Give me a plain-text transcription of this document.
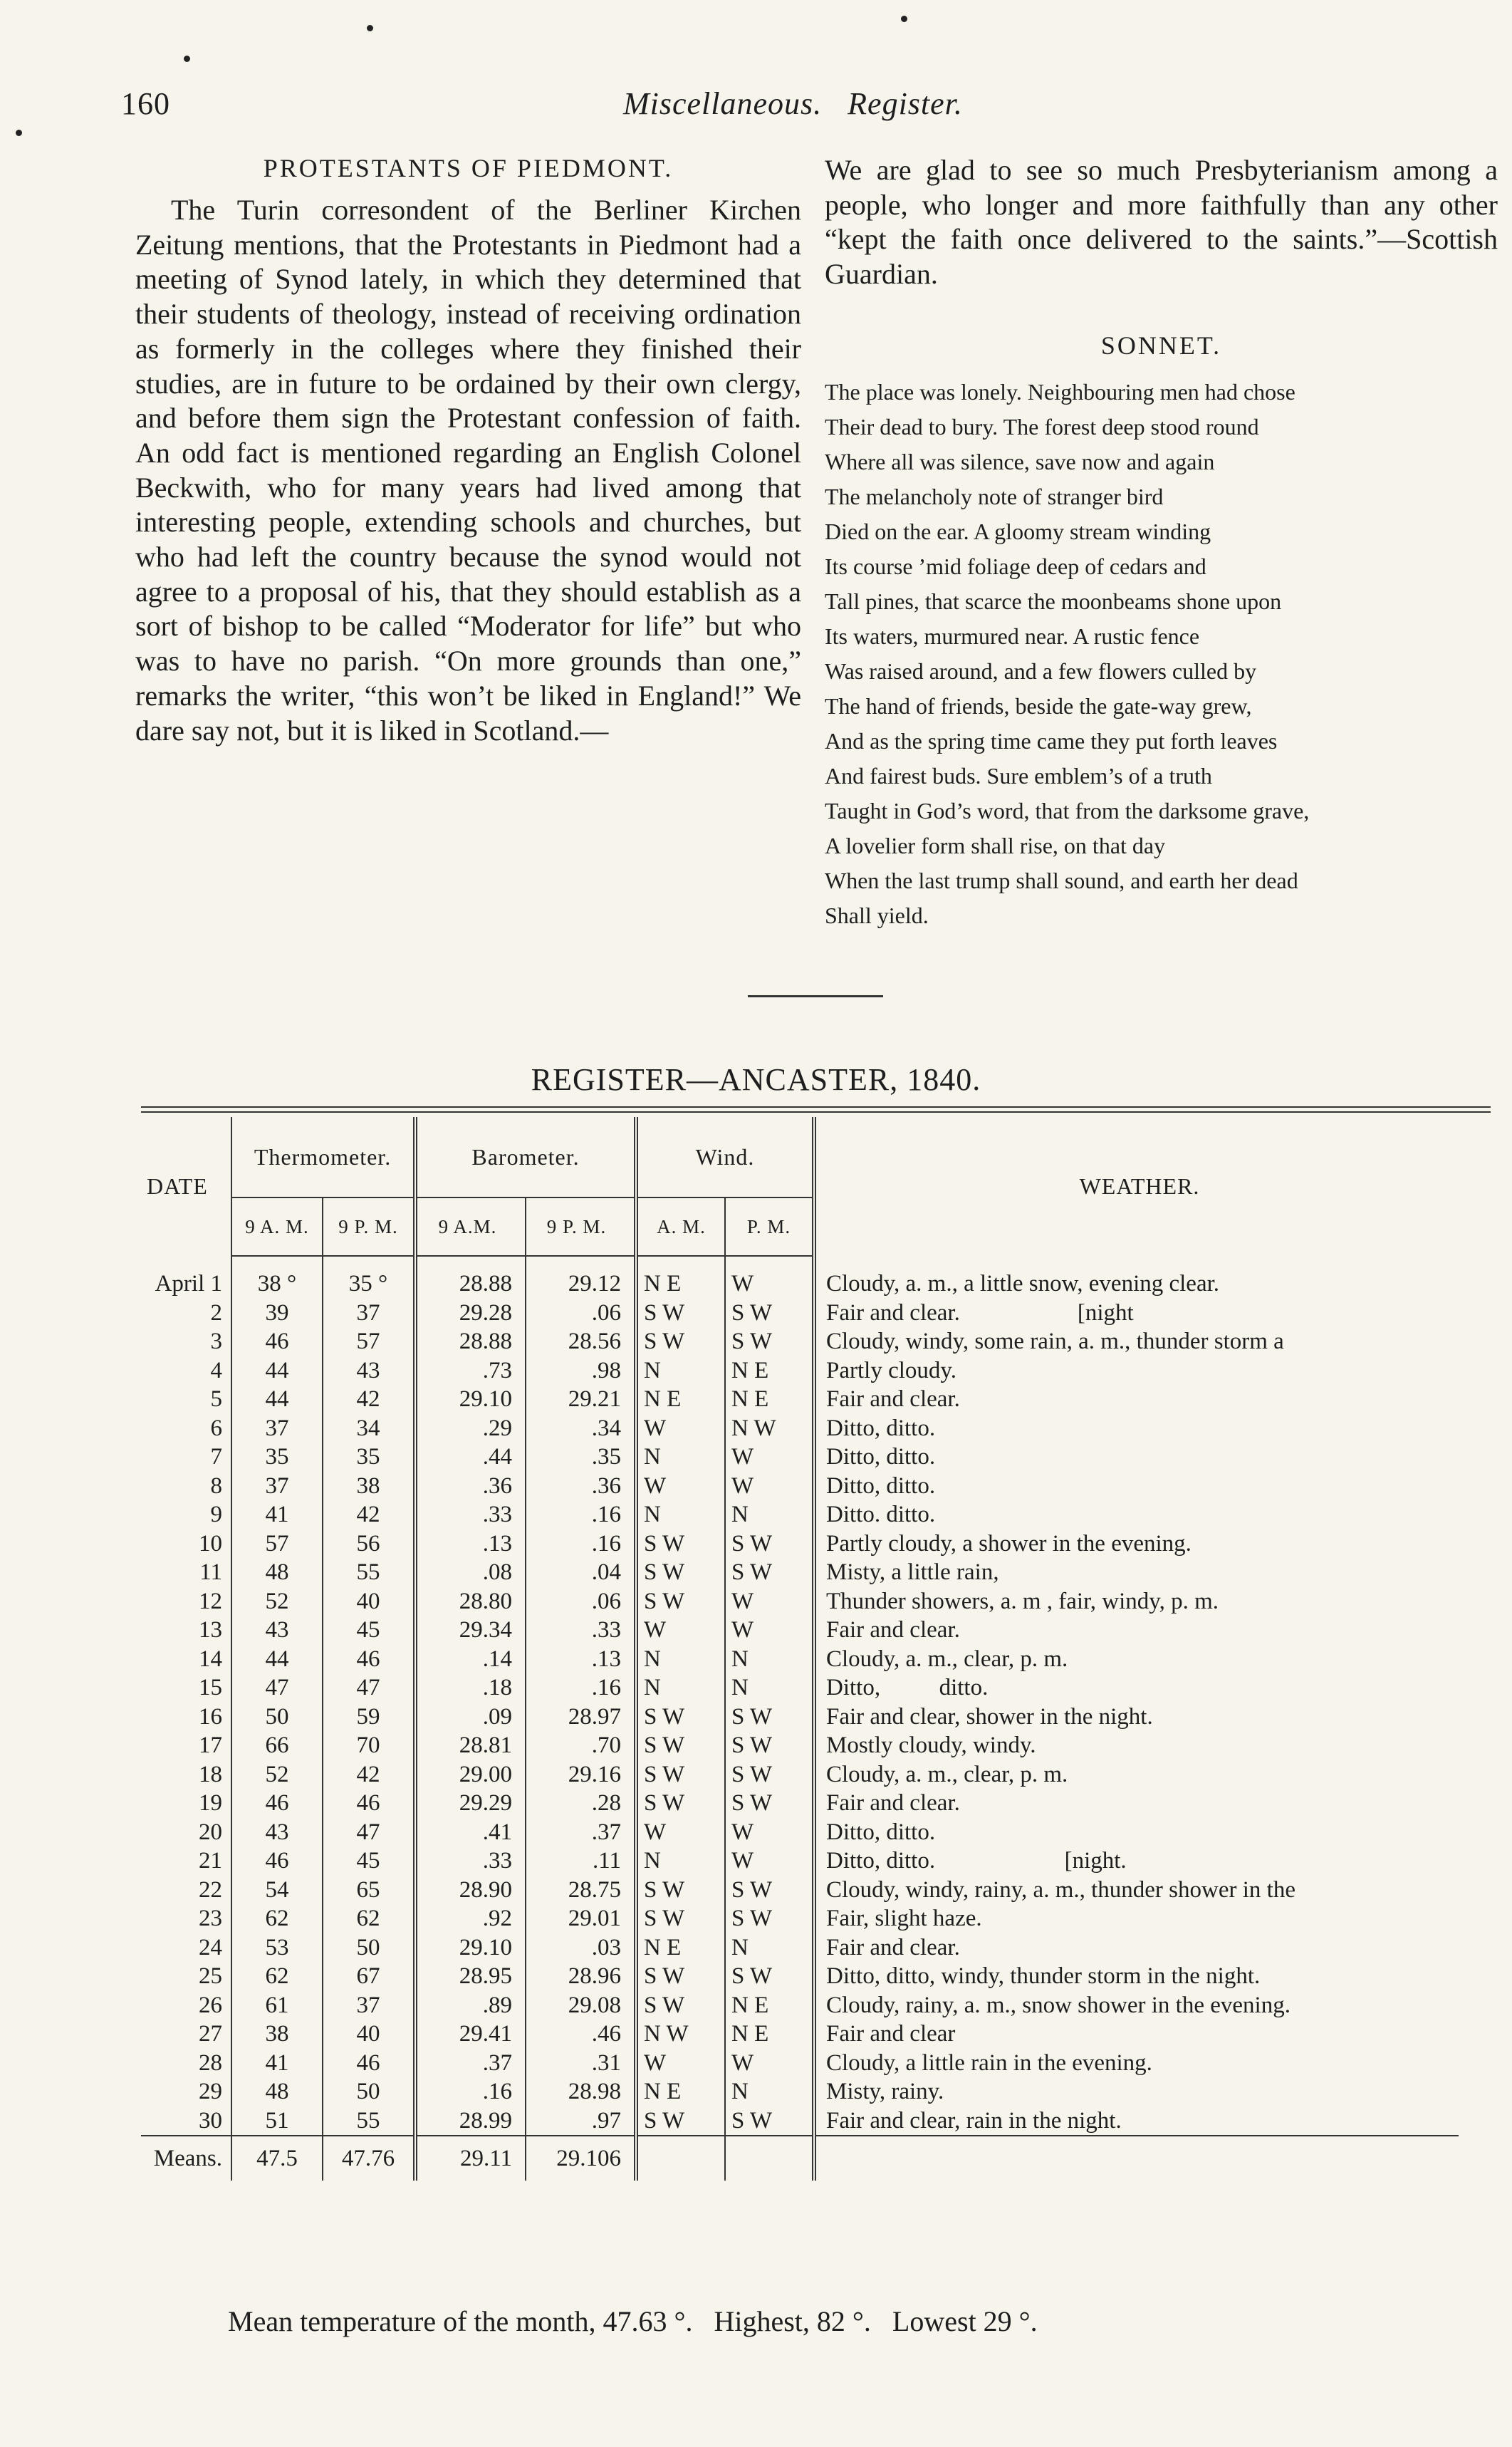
160	Miscellaneous. Register.
PROTESTANTS OF PIEDMONT.

The Turin corresondent of the Berliner Kirchen Zeitung mentions, that the Protestants in Piedmont had a meeting of Synod lately, in which they determined that their students of theology, instead of receiving ordination as formerly in the colleges where they finished their studies, are in future to be ordained by their own clergy, and before them sign the Protestant confession of faith. An odd fact is mentioned regarding an English Colonel Beckwith, who for many years had lived among that interesting people, extending schools and churches, but who had left the country because the synod would not agree to a proposal of his, that they should establish as a sort of bishop to be called “Moderator for life” but who was to have no parish. “On more grounds than one,” remarks the writer, “this won’t be liked in England!” We dare say not, but it is liked in Scotland.—

We are glad to see so much Presbyterianism among a people, who longer and more faithfully than any other “kept the faith once delivered to the saints.”—Scottish Guardian.

SONNET.
The place was lonely. Neighbouring men had chose
Their dead to bury. The forest deep stood round
Where all was silence, save now and again
The melancholy note of stranger bird
Died on the ear. A gloomy stream winding
Its course ’mid foliage deep of cedars and
Tall pines, that scarce the moonbeams shone upon
Its waters, murmured near. A rustic fence
Was raised around, and a few flowers culled by
The hand of friends, beside the gate-way grew,
And as the spring time came they put forth leaves
And fairest buds. Sure emblem’s of a truth
Taught in God’s word, that from the darksome grave,
A lovelier form shall rise, on that day
When the last trump shall sound, and earth her dead
Shall yield.
REGISTER—ANCASTER, 1840.
DATE	Thermometer.		Barometer.		Wind.		WEATHER.
	9 A. M.	9 P. M.	9 A.M.	9 P. M.	A. M.	P. M.	
April 1	38 °	35 °	28.88	29.12	N E	W	Cloudy, a. m., a little snow, evening clear.
2	39	37	29.28	.06	S W	S W	Fair and clear.                    [night
3	46	57	28.88	28.56	S W	S W	Cloudy, windy, some rain, a. m., thunder storm a
4	44	43	.73	.98	N	N E	Partly cloudy.
5	44	42	29.10	29.21	N E	N E	Fair and clear.
6	37	34	.29	.34	W	N W	Ditto, ditto.
7	35	35	.44	.35	N	W	Ditto, ditto.
8	37	38	.36	.36	W	W	Ditto, ditto.
9	41	42	.33	.16	N	N	Ditto. ditto.
10	57	56	.13	.16	S W	S W	Partly cloudy, a shower in the evening.
11	48	55	.08	.04	S W	S W	Misty, a little rain,
12	52	40	28.80	.06	S W	W	Thunder showers, a. m , fair, windy, p. m.
13	43	45	29.34	.33	W	W	Fair and clear.
14	44	46	.14	.13	N	N	Cloudy, a. m., clear, p. m.
15	47	47	.18	.16	N	N	Ditto,          ditto.
16	50	59	.09	28.97	S W	S W	Fair and clear, shower in the night.
17	66	70	28.81	.70	S W	S W	Mostly cloudy, windy.
18	52	42	29.00	29.16	S W	S W	Cloudy, a. m., clear, p. m.
19	46	46	29.29	.28	S W	S W	Fair and clear.
20	43	47	.41	.37	W	W	Ditto, ditto.
21	46	45	.33	.11	N	W	Ditto, ditto.                      [night.
22	54	65	28.90	28.75	S W	S W	Cloudy, windy, rainy, a. m., thunder shower in the
23	62	62	.92	29.01	S W	S W	Fair, slight haze.
24	53	50	29.10	.03	N E	N	Fair and clear.
25	62	67	28.95	28.96	S W	S W	Ditto, ditto, windy, thunder storm in the night.
26	61	37	.89	29.08	S W	N E	Cloudy, rainy, a. m., snow shower in the evening.
27	38	40	29.41	.46	N W	N E	Fair and clear
28	41	46	.37	.31	W	W	Cloudy, a little rain in the evening.
29	48	50	.16	28.98	N E	N	Misty, rainy.
30	51	55	28.99	.97	S W	S W	Fair and clear, rain in the night.
Means.	47.5	47.76	29.11	29.106			
Mean temperature of the month, 47.63 °. Highest, 82 °. Lowest 29 °.
